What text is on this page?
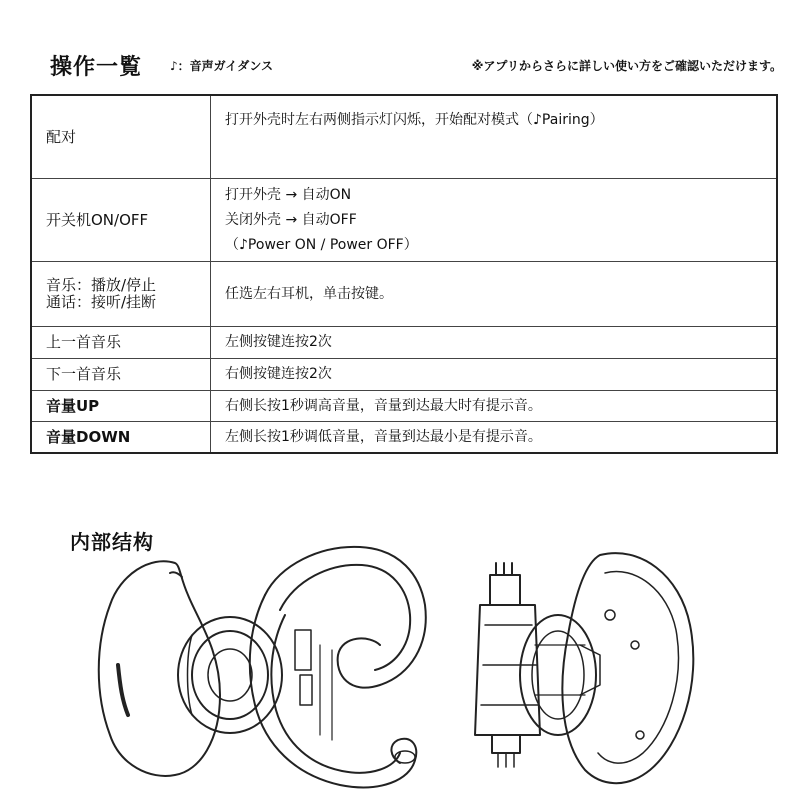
操作一覧 ♪：音声ガイダンス	※アプリからさらに詳しい使い方をご確認いただけます。
配对	打开外壳时左右两侧指示灯闪烁，开始配对模式（♪Pairing）

开关机ON/OFF	打开外壳 → 自动ON
关闭外壳 → 自动OFF
（♪Power ON / Power OFF）

音乐：播放/停止
通话：接听/挂断	任选左右耳机，单击按键。

上一首音乐	左侧按键连按2次

下一首音乐	右侧按键连按2次

音量UP	右侧长按1秒调高音量，音量到达最大时有提示音。

音量DOWN	左侧长按1秒调低音量，音量到达最小是有提示音。
内部结构
